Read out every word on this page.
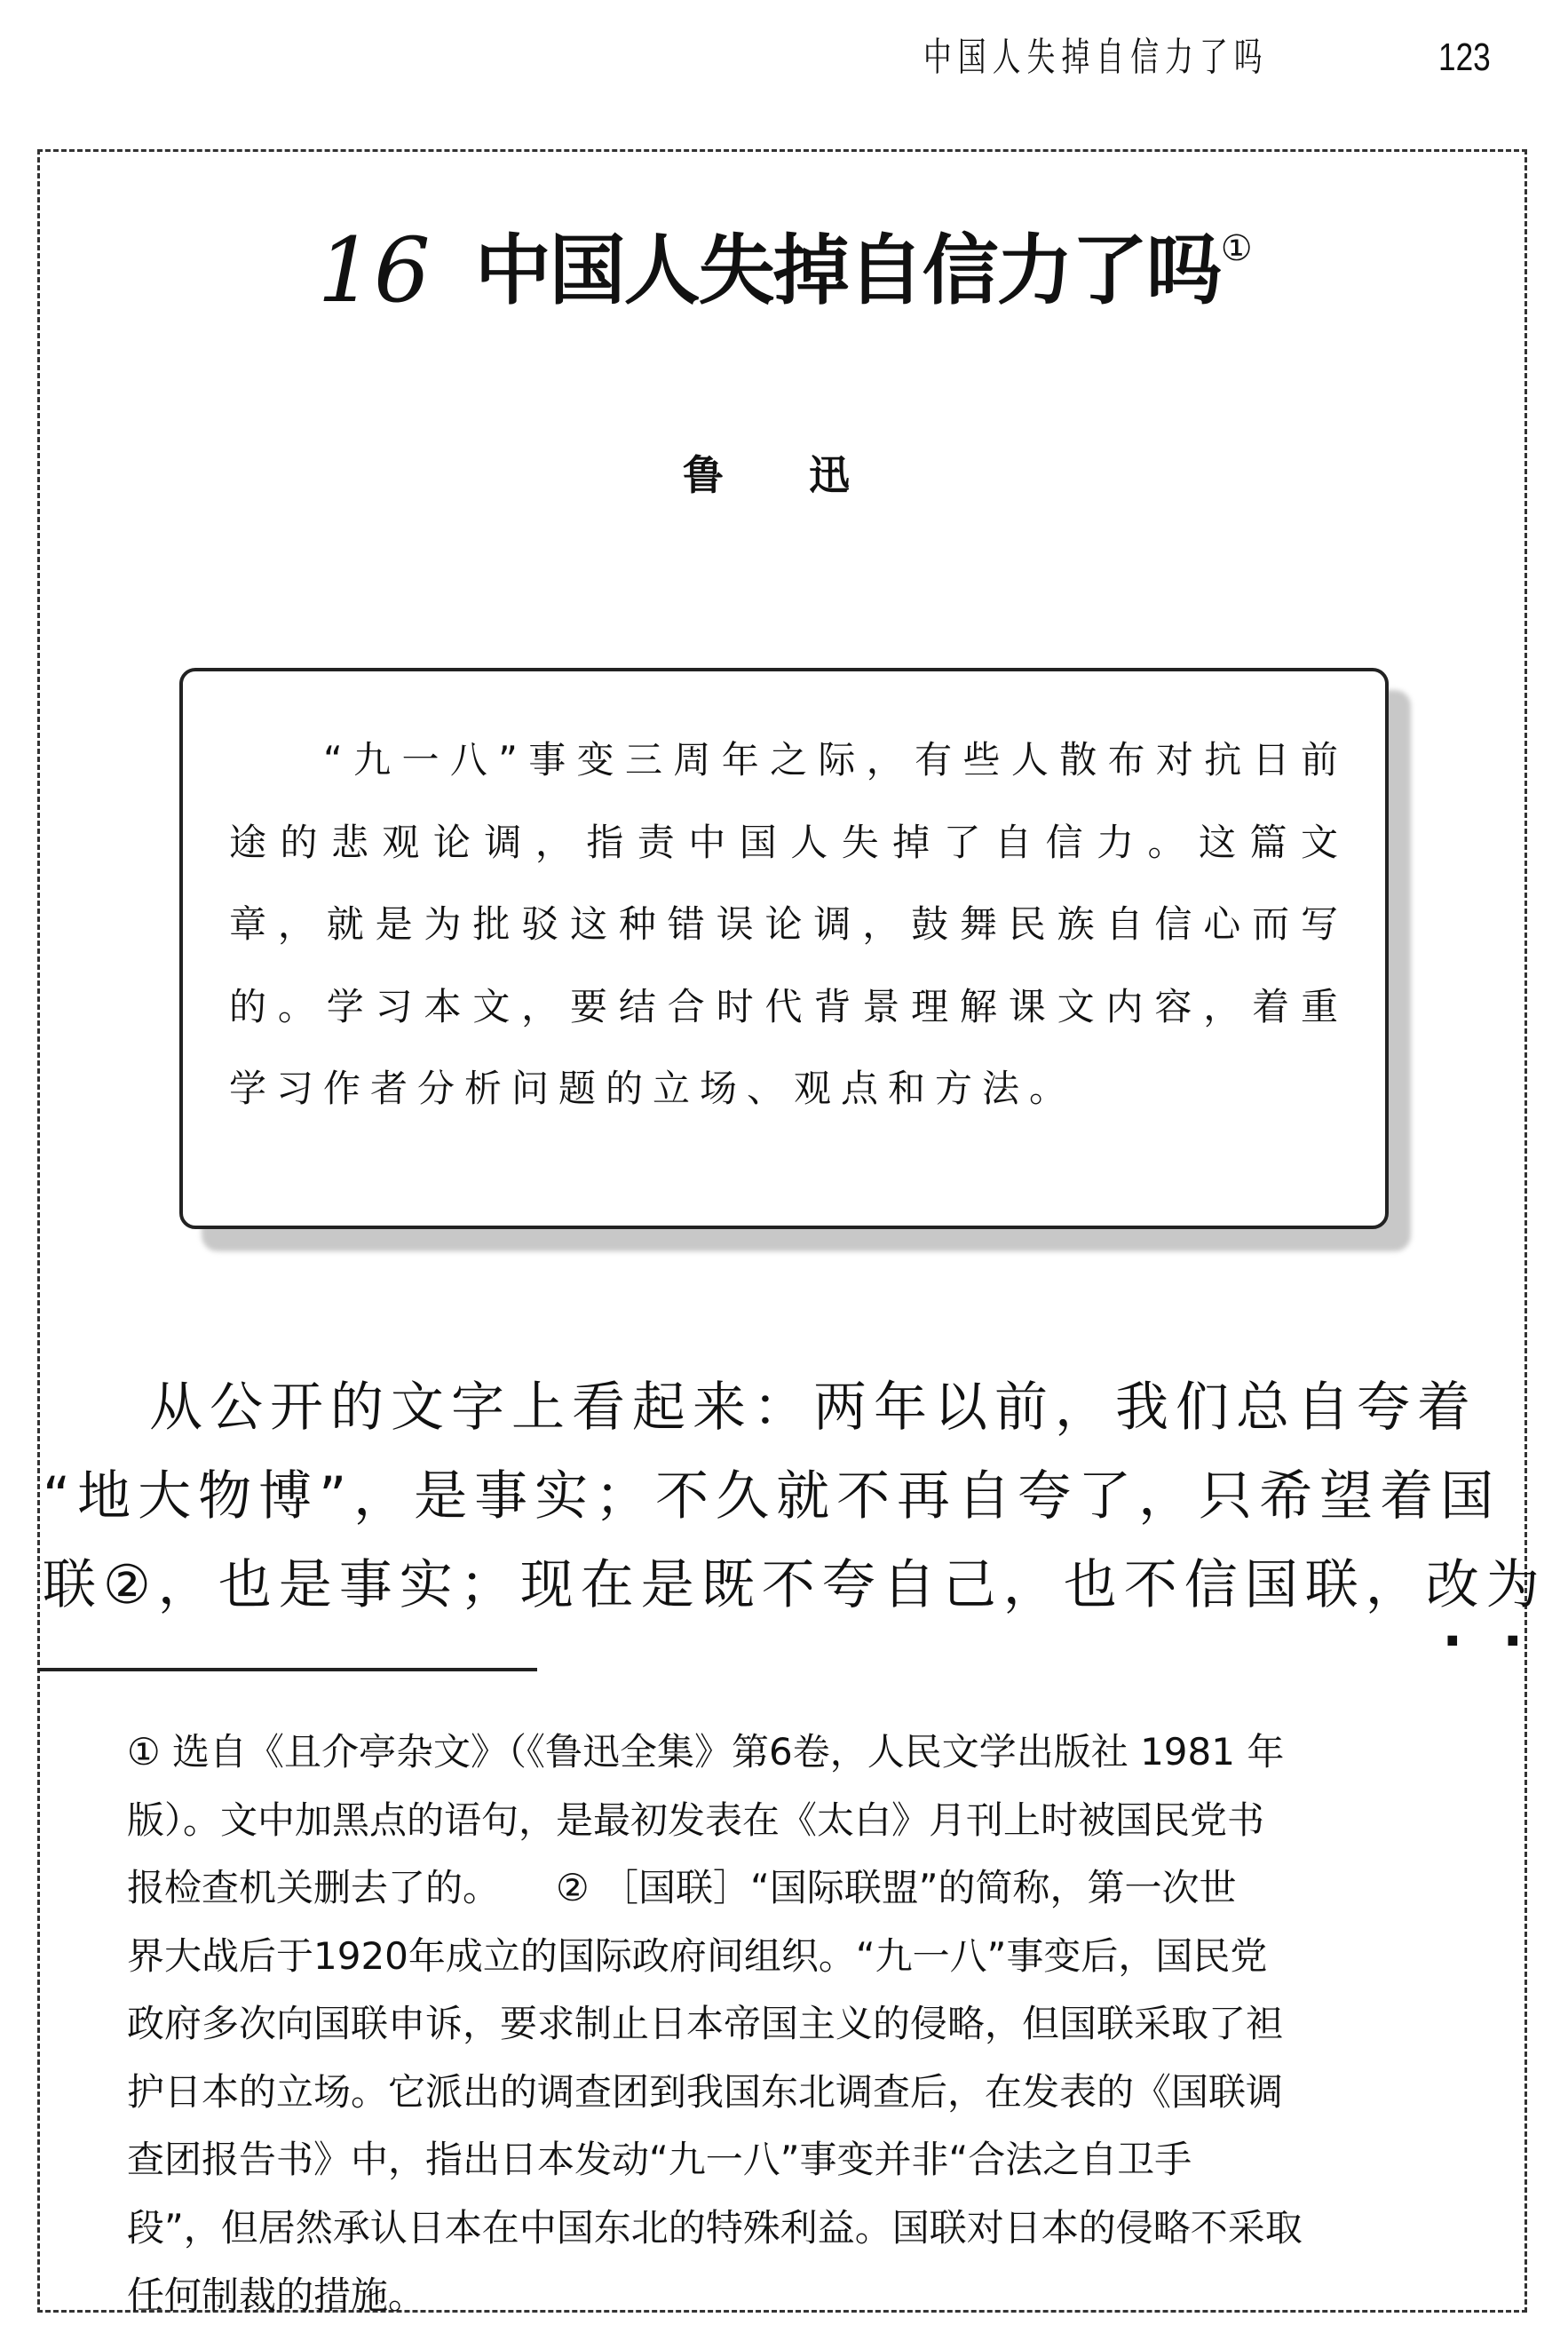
中国人失掉自信力了吗	123
16 中国人失掉自信力了吗①
鲁 迅
“九一八”事变三周年之际，有些人散布对抗日前途的悲观论调，指责中国人失掉了自信力。这篇文章，就是为批驳这种错误论调，鼓舞民族自信心而写的。学习本文，要结合时代背景理解课文内容，着重学习作者分析问题的立场、观点和方法。
从公开的文字上看起来：两年以前，我们总自夸着
“地大物博”，是事实；不久就不再自夸了，只希望着国
联②，也是事实；现在是既不夸自己，也不信国联，改为
① 选自《且介亭杂文》（《鲁迅全集》第6卷，人民文学出版社 1981 年
版）。文中加黑点的语句，是最初发表在《太白》月刊上时被国民党书
报检查机关删去了的。　　② ［国联］“国际联盟”的简称，第一次世
界大战后于1920年成立的国际政府间组织。“九一八”事变后，国民党
政府多次向国联申诉，要求制止日本帝国主义的侵略，但国联采取了袒
护日本的立场。它派出的调查团到我国东北调查后，在发表的《国联调
查团报告书》中，指出日本发动“九一八”事变并非“合法之自卫手
段”，但居然承认日本在中国东北的特殊利益。国联对日本的侵略不采取
任何制裁的措施。
